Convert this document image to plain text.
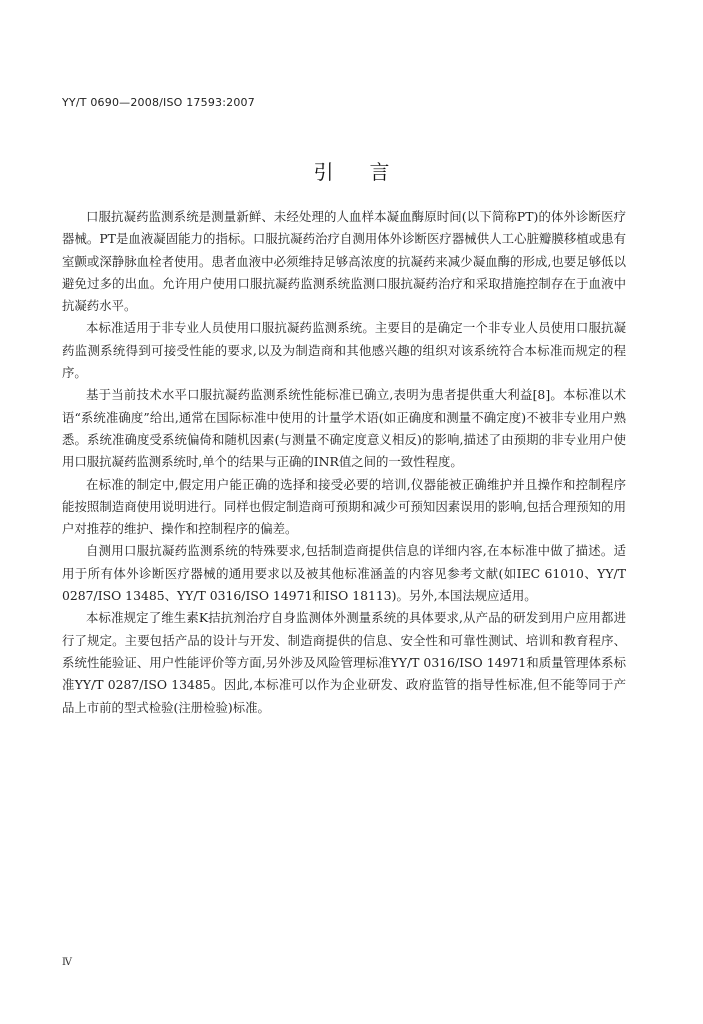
YY/T 0690—2008/ISO 17593:2007
引言

口服抗凝药监测系统是测量新鲜、未经处理的人血样本凝血酶原时间(以下简称PT)的体外诊断医疗器械。PT是血液凝固能力的指标。口服抗凝药治疗自测用体外诊断医疗器械供人工心脏瓣膜移植或患有室颤或深静脉血栓者使用。患者血液中必须维持足够高浓度的抗凝药来减少凝血酶的形成,也要足够低以避免过多的出血。允许用户使用口服抗凝药监测系统监测口服抗凝药治疗和采取措施控制存在于血液中抗凝药水平。

本标准适用于非专业人员使用口服抗凝药监测系统。主要目的是确定一个非专业人员使用口服抗凝药监测系统得到可接受性能的要求,以及为制造商和其他感兴趣的组织对该系统符合本标准而规定的程序。

基于当前技术水平口服抗凝药监测系统性能标准已确立,表明为患者提供重大利益[8]。本标准以术语“系统准确度”给出,通常在国际标准中使用的计量学术语(如正确度和测量不确定度)不被非专业用户熟悉。系统准确度受系统偏倚和随机因素(与测量不确定度意义相反)的影响,描述了由预期的非专业用户使用口服抗凝药监测系统时,单个的结果与正确的INR值之间的一致性程度。

在标准的制定中,假定用户能正确的选择和接受必要的培训,仪器能被正确维护并且操作和控制程序能按照制造商使用说明进行。同样也假定制造商可预期和减少可预知因素误用的影响,包括合理预知的用户对推荐的维护、操作和控制程序的偏差。

自测用口服抗凝药监测系统的特殊要求,包括制造商提供信息的详细内容,在本标准中做了描述。适用于所有体外诊断医疗器械的通用要求以及被其他标准涵盖的内容见参考文献(如IEC 61010、YY/T 0287/ISO 13485、YY/T 0316/ISO 14971和ISO 18113)。另外,本国法规应适用。

本标准规定了维生素K拮抗剂治疗自身监测体外测量系统的具体要求,从产品的研发到用户应用都进行了规定。主要包括产品的设计与开发、制造商提供的信息、安全性和可靠性测试、培训和教育程序、系统性能验证、用户性能评价等方面,另外涉及风险管理标准YY/T 0316/ISO 14971和质量管理体系标准YY/T 0287/ISO 13485。因此,本标准可以作为企业研发、政府监管的指导性标准,但不能等同于产品上市前的型式检验(注册检验)标准。

Ⅳ
